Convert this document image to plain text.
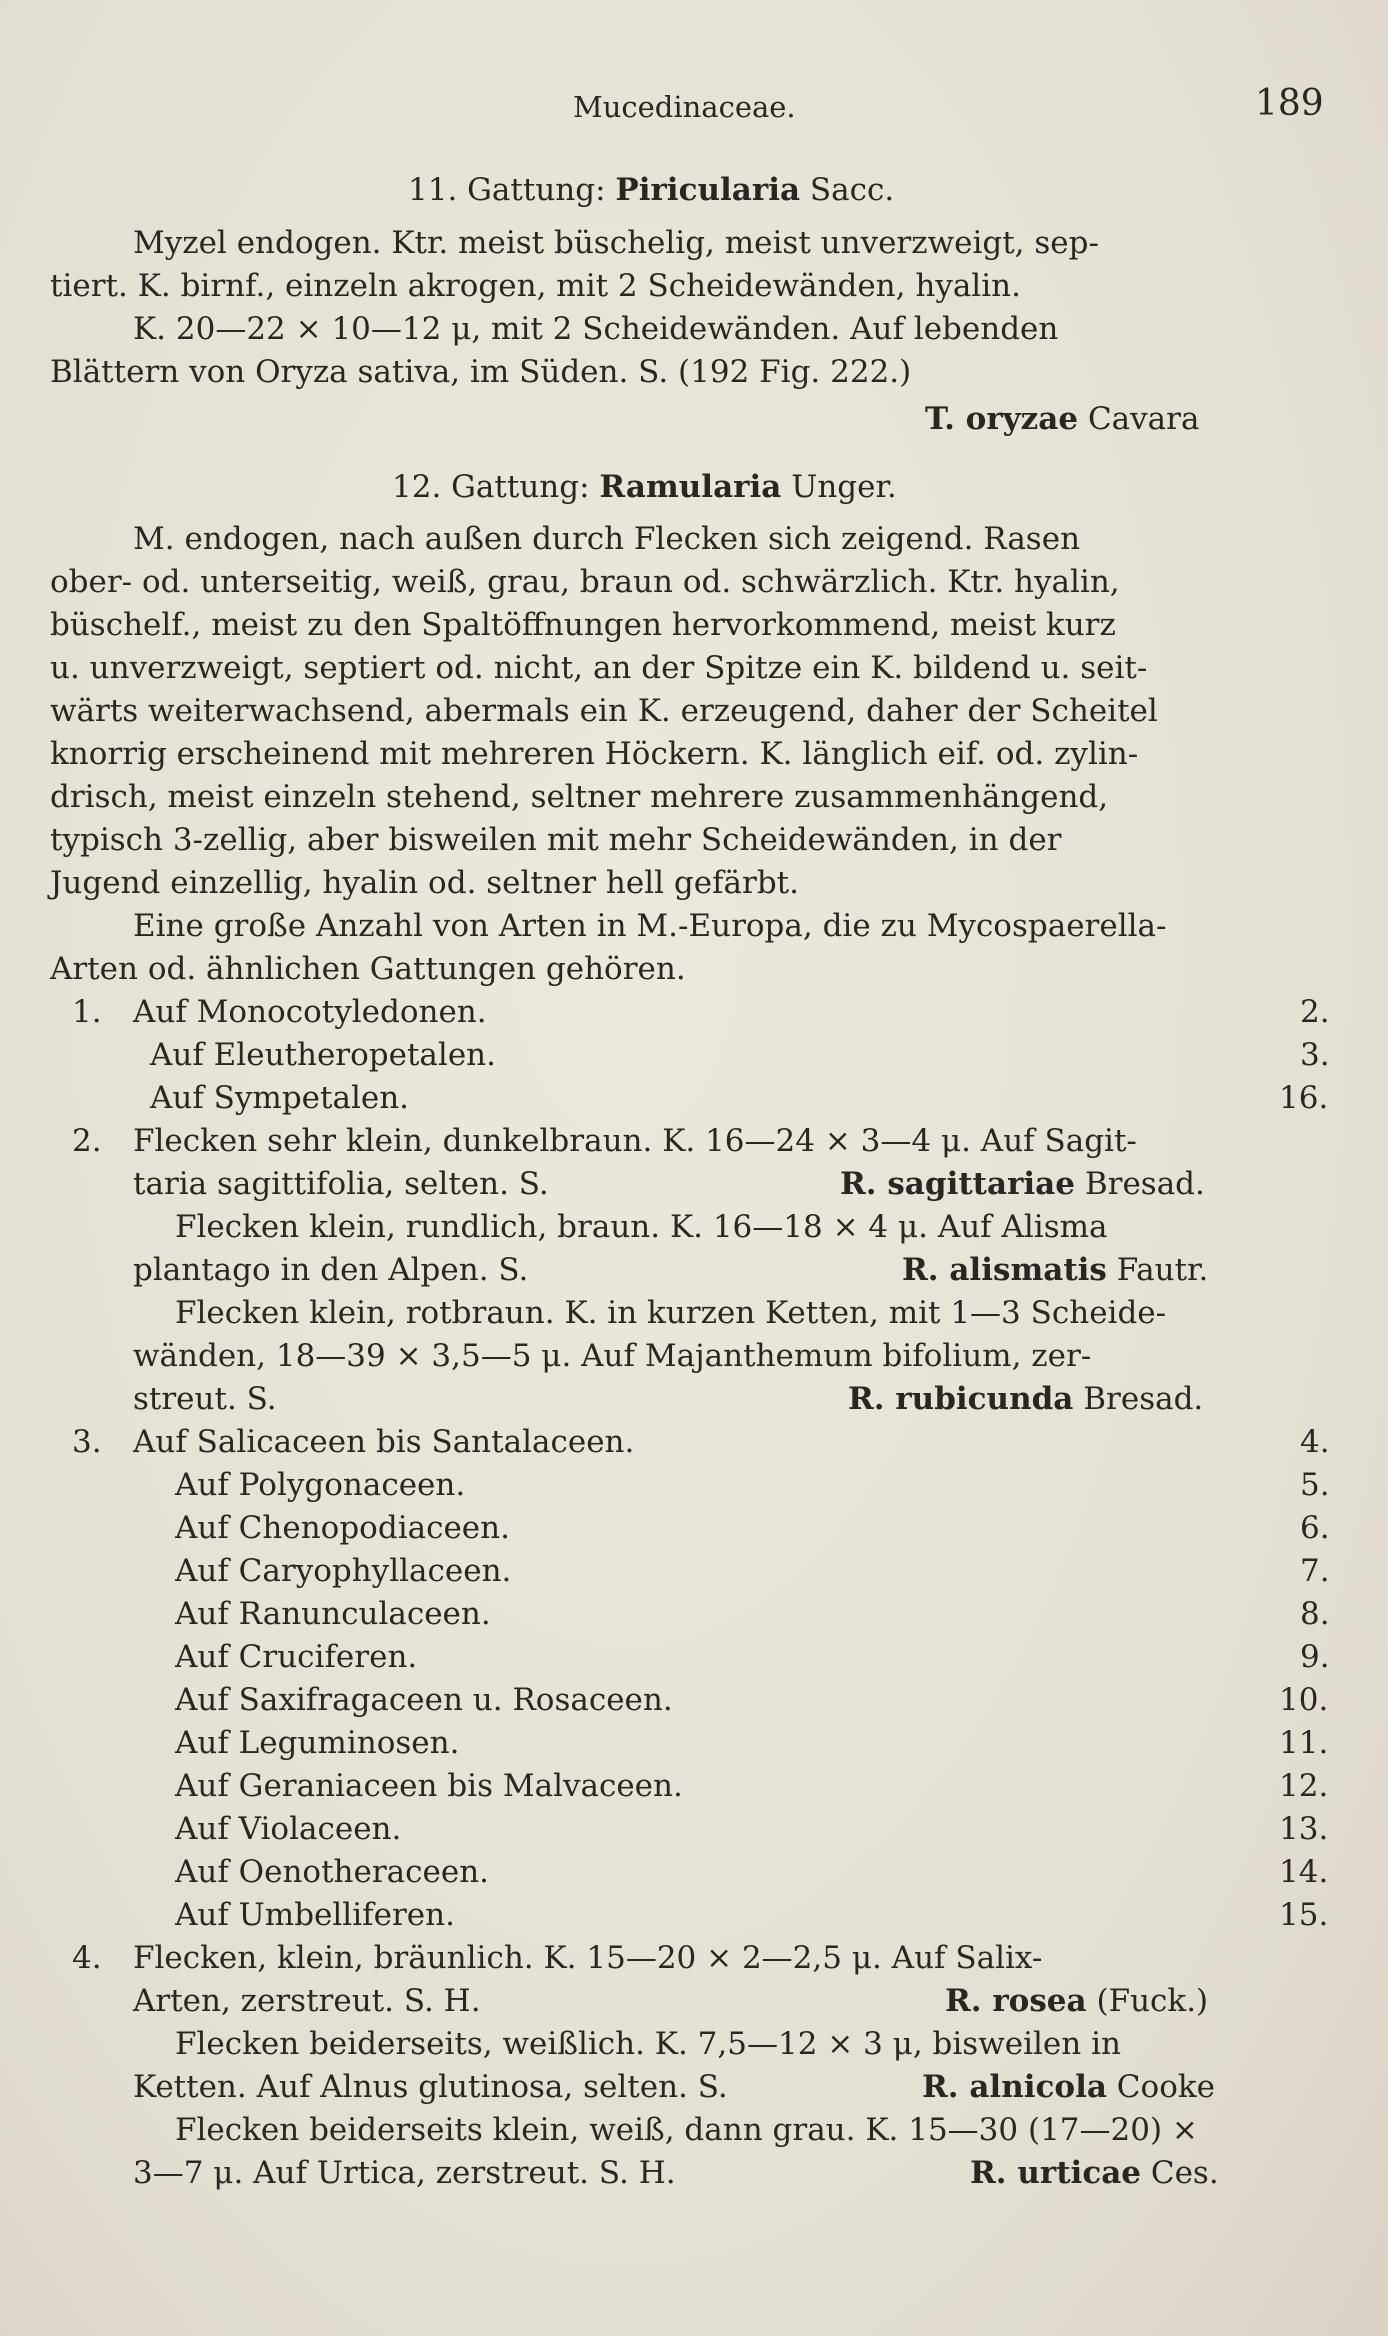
Mucedinaceae.	189
11. Gattung: Piricularia Sacc.
Myzel endogen. Ktr. meist büschelig, meist unverzweigt, sep-
tiert. K. birnf., einzeln akrogen, mit 2 Scheidewänden, hyalin.
K. 20—22 × 10—12 μ, mit 2 Scheidewänden. Auf lebenden
Blättern von Oryza sativa, im Süden. S. (192 Fig. 222.)
T. oryzae Cavara
12. Gattung: Ramularia Unger.
M. endogen, nach außen durch Flecken sich zeigend. Rasen
ober- od. unterseitig, weiß, grau, braun od. schwärzlich. Ktr. hyalin,
büschelf., meist zu den Spaltöffnungen hervorkommend, meist kurz
u. unverzweigt, septiert od. nicht, an der Spitze ein K. bildend u. seit-
wärts weiterwachsend, abermals ein K. erzeugend, daher der Scheitel
knorrig erscheinend mit mehreren Höckern. K. länglich eif. od. zylin-
drisch, meist einzeln stehend, seltner mehrere zusammenhängend,
typisch 3-zellig, aber bisweilen mit mehr Scheidewänden, in der
Jugend einzellig, hyalin od. seltner hell gefärbt.
Eine große Anzahl von Arten in M.-Europa, die zu Mycospaerella-
Arten od. ähnlichen Gattungen gehören.
1. Auf Monocotyledonen.	2.
Auf Eleutheropetalen.	3.
Auf Sympetalen.	16.
2. Flecken sehr klein, dunkelbraun. K. 16—24 × 3—4 μ. Auf Sagit-
taria sagittifolia, selten. S.	R. sagittariae Bresad.
Flecken klein, rundlich, braun. K. 16—18 × 4 μ. Auf Alisma
plantago in den Alpen. S.	R. alismatis Fautr.
Flecken klein, rotbraun. K. in kurzen Ketten, mit 1—3 Scheide-
wänden, 18—39 × 3,5—5 μ. Auf Majanthemum bifolium, zer-
streut. S.	R. rubicunda Bresad.
3. Auf Salicaceen bis Santalaceen.	4.
Auf Polygonaceen.	5.
Auf Chenopodiaceen.	6.
Auf Caryophyllaceen.	7.
Auf Ranunculaceen.	8.
Auf Cruciferen.	9.
Auf Saxifragaceen u. Rosaceen.	10.
Auf Leguminosen.	11.
Auf Geraniaceen bis Malvaceen.	12.
Auf Violaceen.	13.
Auf Oenotheraceen.	14.
Auf Umbelliferen.	15.
4. Flecken, klein, bräunlich. K. 15—20 × 2—2,5 μ. Auf Salix-
Arten, zerstreut. S. H.	R. rosea (Fuck.)
Flecken beiderseits, weißlich. K. 7,5—12 × 3 μ, bisweilen in
Ketten. Auf Alnus glutinosa, selten. S.	R. alnicola Cooke
Flecken beiderseits klein, weiß, dann grau. K. 15—30 (17—20) ×
3—7 μ. Auf Urtica, zerstreut. S. H.	R. urticae Ces.
